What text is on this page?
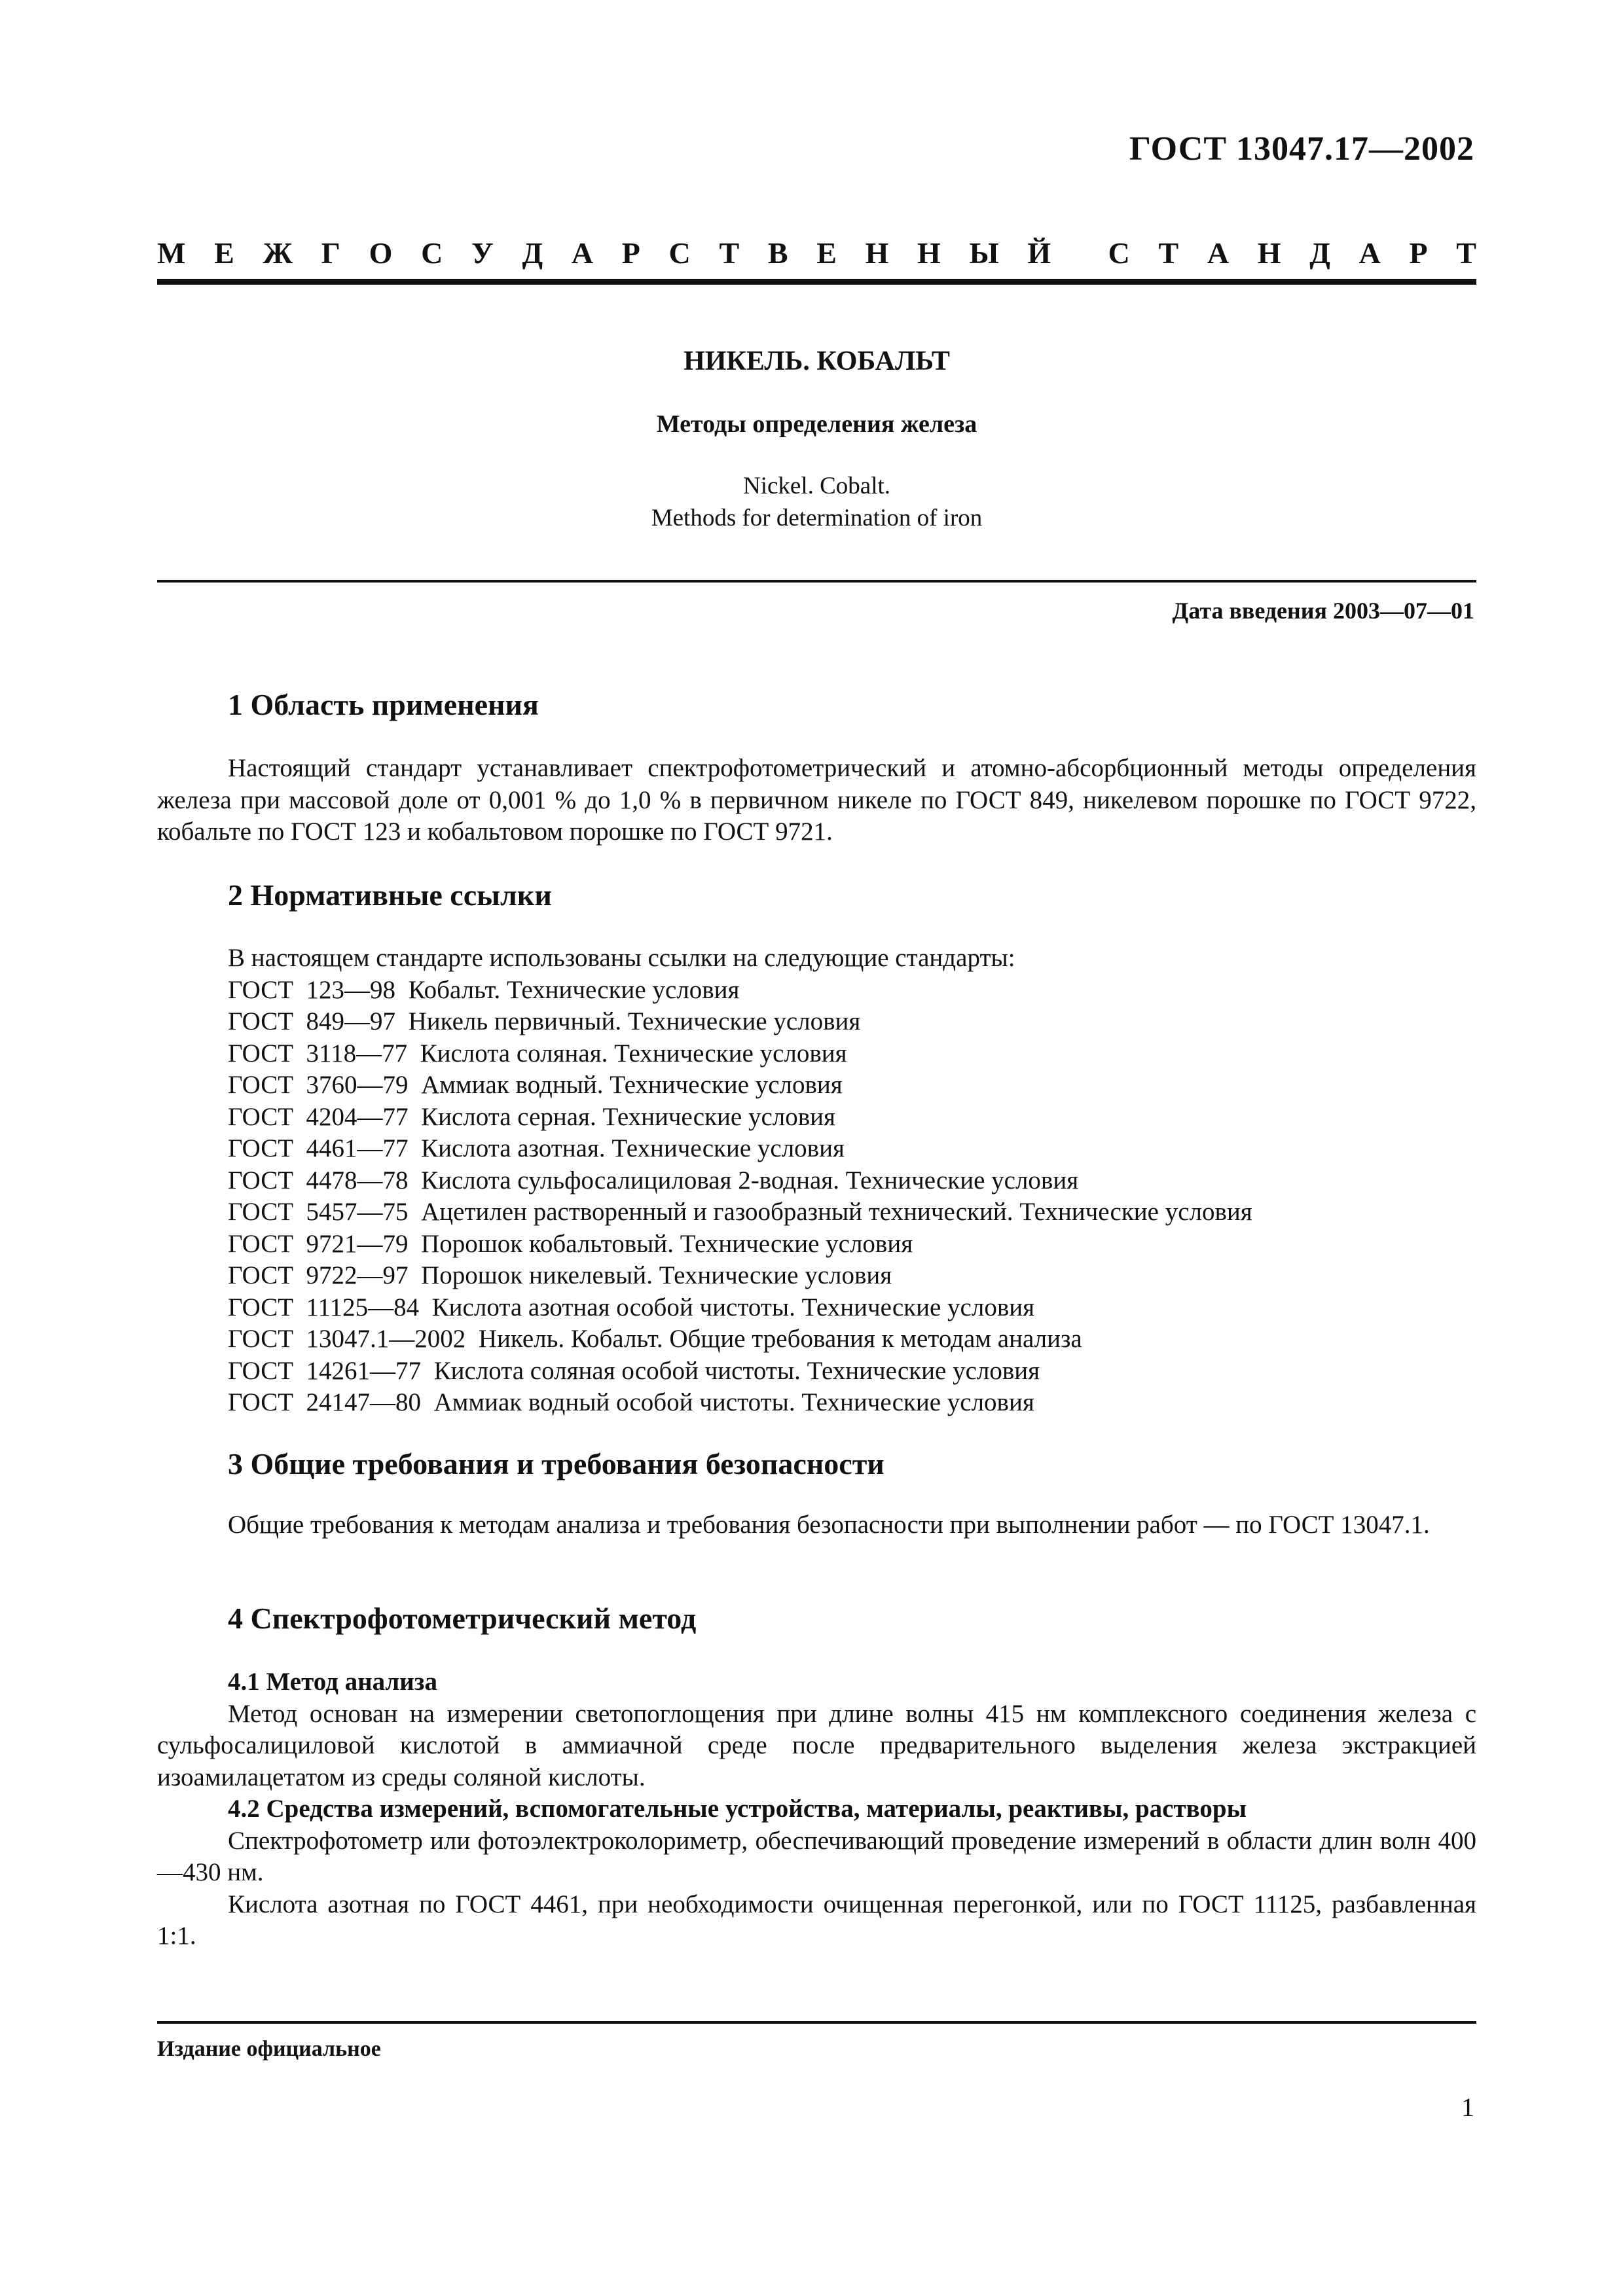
ГОСТ 13047.17—2002
М Е Ж Г О С У Д А Р С Т В Е Н Н Ы Й С Т А Н Д А Р Т
НИКЕЛЬ. КОБАЛЬТ
Методы определения железа
Nickel. Cobalt.
Methods for determination of iron
Дата введения 2003—07—01
1 Область применения

Настоящий стандарт устанавливает спектрофотометрический и атомно-абсорбционный методы определения железа при массовой доле от 0,001 % до 1,0 % в первичном никеле по ГОСТ 849, никелевом порошке по ГОСТ 9722, кобальте по ГОСТ 123 и кобальтовом порошке по ГОСТ 9721.

2 Нормативные ссылки
В настоящем стандарте использованы ссылки на следующие стандарты:
ГОСТ  123—98 Кобальт. Технические условия
ГОСТ  849—97 Никель первичный. Технические условия
ГОСТ  3118—77 Кислота соляная. Технические условия
ГОСТ  3760—79 Аммиак водный. Технические условия
ГОСТ  4204—77 Кислота серная. Технические условия
ГОСТ  4461—77 Кислота азотная. Технические условия
ГОСТ  4478—78 Кислота сульфосалициловая 2-водная. Технические условия
ГОСТ  5457—75 Ацетилен растворенный и газообразный технический. Технические условия
ГОСТ  9721—79 Порошок кобальтовый. Технические условия
ГОСТ  9722—97 Порошок никелевый. Технические условия
ГОСТ  11125—84 Кислота азотная особой чистоты. Технические условия
ГОСТ  13047.1—2002 Никель. Кобальт. Общие требования к методам анализа
ГОСТ  14261—77 Кислота соляная особой чистоты. Технические условия
ГОСТ  24147—80 Аммиак водный особой чистоты. Технические условия
3 Общие требования и требования безопасности

Общие требования к методам анализа и требования безопасности при выполнении работ — по ГОСТ 13047.1.

4 Спектрофотометрический метод

4.1 Метод анализа

Метод основан на измерении светопоглощения при длине волны 415 нм комплексного соединения железа с сульфосалициловой кислотой в аммиачной среде после предварительного выделения железа экстракцией изоамилацетатом из среды соляной кислоты.

4.2 Средства измерений, вспомогательные устройства, материалы, реактивы, растворы

Спектрофотометр или фотоэлектроколориметр, обеспечивающий проведение измерений в области длин волн 400—430 нм.

Кислота азотная по ГОСТ 4461, при необходимости очищенная перегонкой, или по ГОСТ 11125, разбавленная 1:1.

Издание официальное
1
